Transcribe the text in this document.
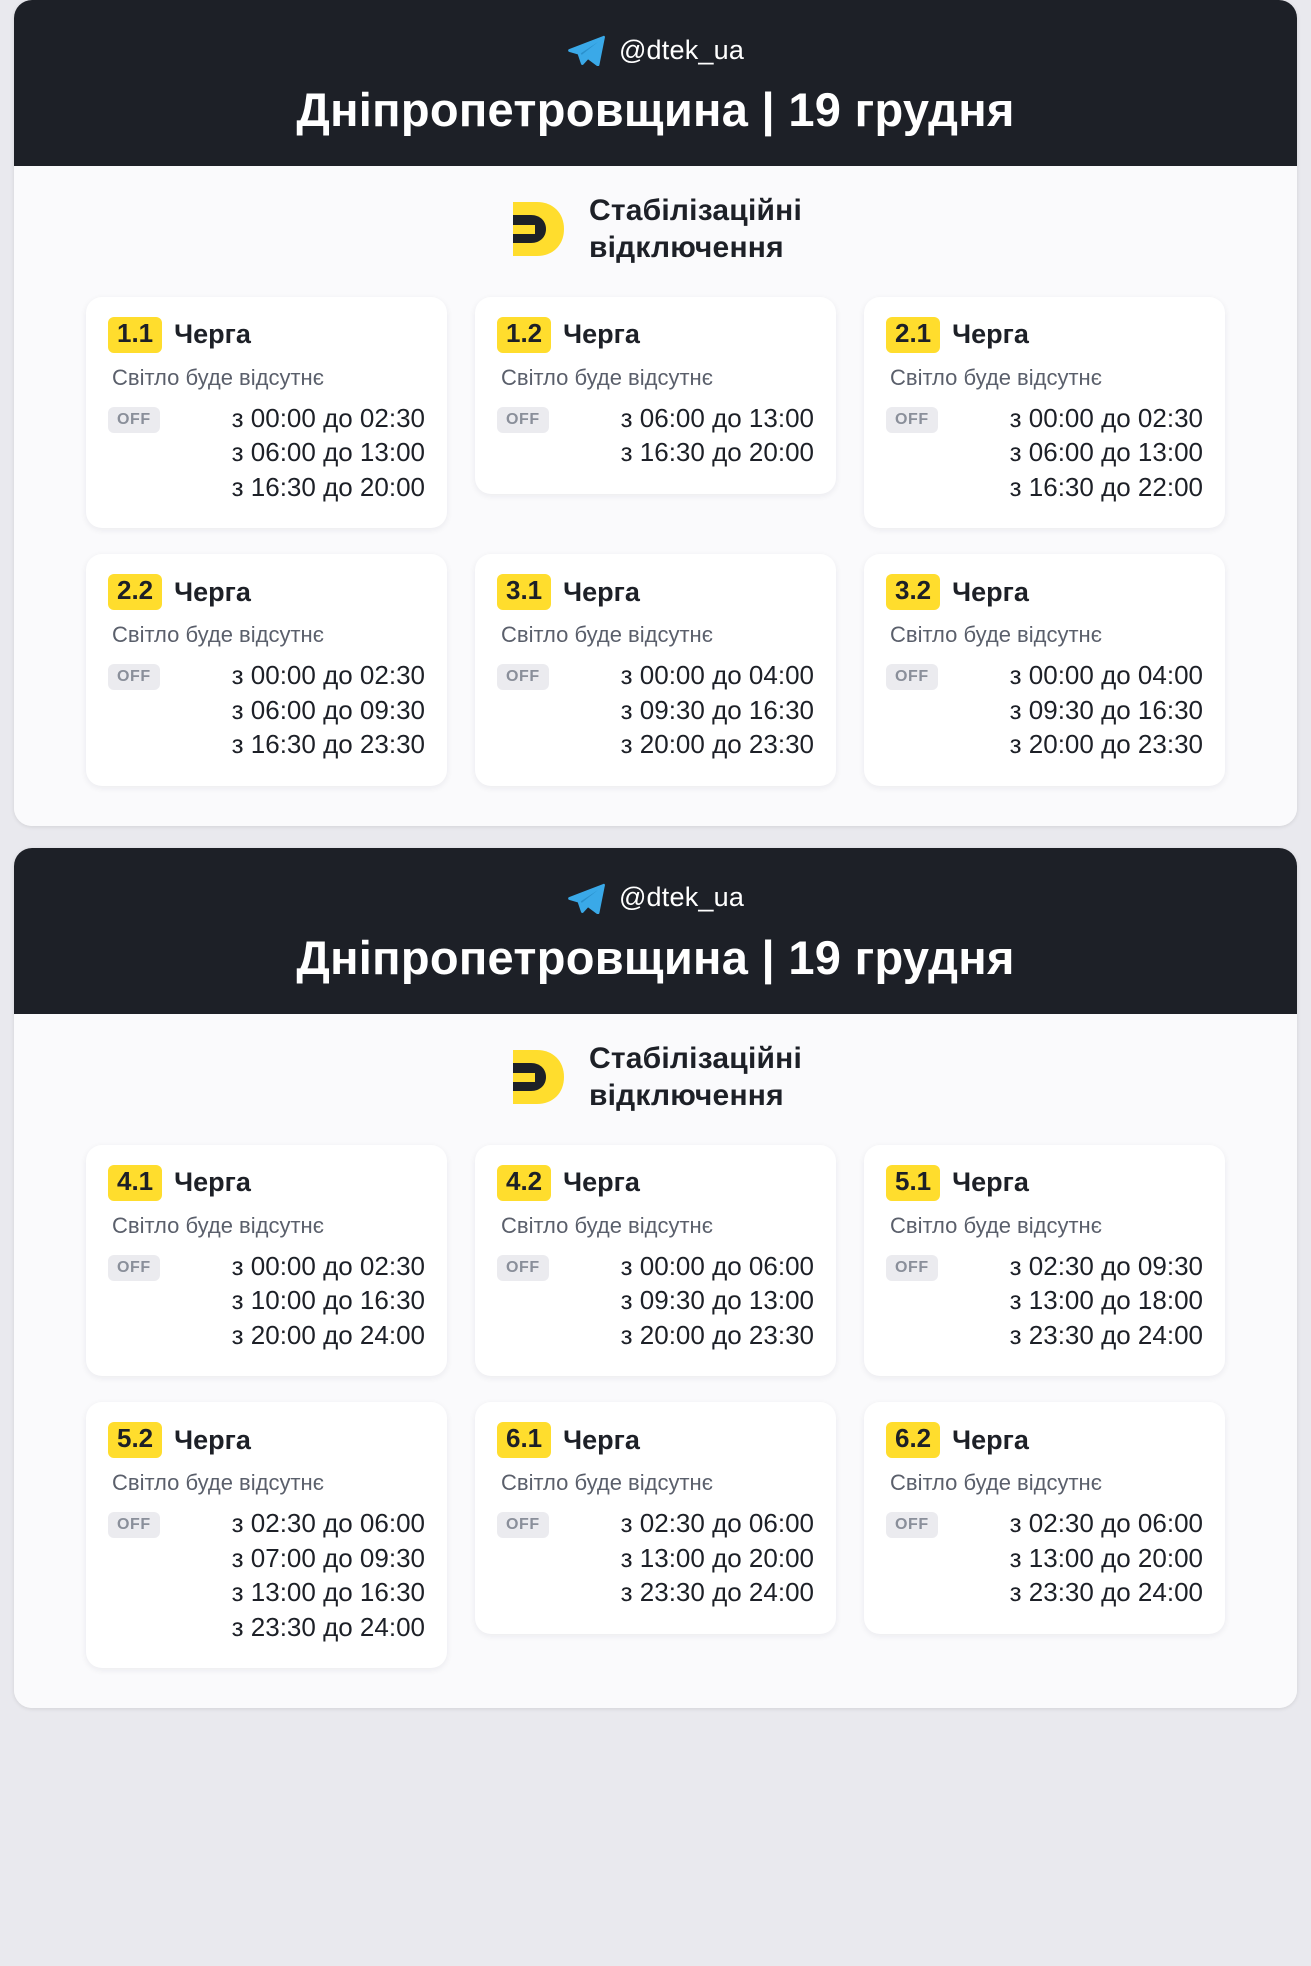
@dtek_ua
Дніпропетровщина | 19 грудня
Стабілізаційні
відключення
1.1 Черга
Світло буде відсутнє
OFF	з 00:00 до 02:30
з 06:00 до 13:00
з 16:30 до 20:00
1.2 Черга
Світло буде відсутнє
OFF	з 06:00 до 13:00
з 16:30 до 20:00
2.1 Черга
Світло буде відсутнє
OFF	з 00:00 до 02:30
з 06:00 до 13:00
з 16:30 до 22:00
2.2 Черга
Світло буде відсутнє
OFF	з 00:00 до 02:30
з 06:00 до 09:30
з 16:30 до 23:30
3.1 Черга
Світло буде відсутнє
OFF	з 00:00 до 04:00
з 09:30 до 16:30
з 20:00 до 23:30
3.2 Черга
Світло буде відсутнє
OFF	з 00:00 до 04:00
з 09:30 до 16:30
з 20:00 до 23:30
@dtek_ua
Дніпропетровщина | 19 грудня
Стабілізаційні
відключення
4.1 Черга
Світло буде відсутнє
OFF	з 00:00 до 02:30
з 10:00 до 16:30
з 20:00 до 24:00
4.2 Черга
Світло буде відсутнє
OFF	з 00:00 до 06:00
з 09:30 до 13:00
з 20:00 до 23:30
5.1 Черга
Світло буде відсутнє
OFF	з 02:30 до 09:30
з 13:00 до 18:00
з 23:30 до 24:00
5.2 Черга
Світло буде відсутнє
OFF	з 02:30 до 06:00
з 07:00 до 09:30
з 13:00 до 16:30
з 23:30 до 24:00
6.1 Черга
Світло буде відсутнє
OFF	з 02:30 до 06:00
з 13:00 до 20:00
з 23:30 до 24:00
6.2 Черга
Світло буде відсутнє
OFF	з 02:30 до 06:00
з 13:00 до 20:00
з 23:30 до 24:00
